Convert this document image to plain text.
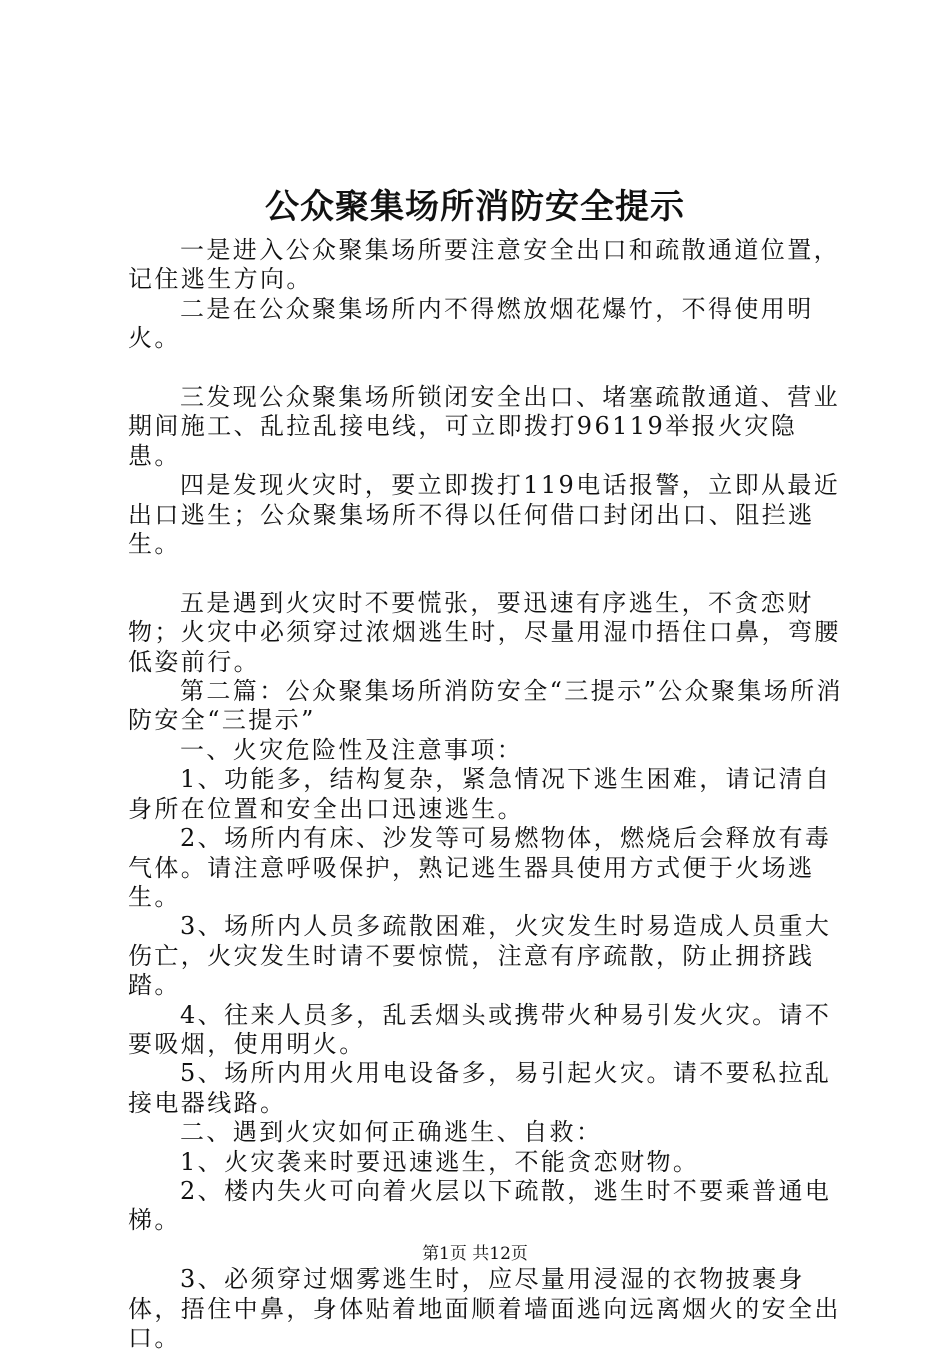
公众聚集场所消防安全提示

一是进入公众聚集场所要注意安全出口和疏散通道位置，记住逃生方向。

二是在公众聚集场所内不得燃放烟花爆竹，不得使用明火。

三发现公众聚集场所锁闭安全出口、堵塞疏散通道、营业期间施工、乱拉乱接电线，可立即拨打96119举报火灾隐患。

四是发现火灾时，要立即拨打119电话报警，立即从最近出口逃生；公众聚集场所不得以任何借口封闭出口、阻拦逃生。

五是遇到火灾时不要慌张，要迅速有序逃生，不贪恋财物；火灾中必须穿过浓烟逃生时，尽量用湿巾捂住口鼻，弯腰低姿前行。

第二篇：公众聚集场所消防安全“三提示”公众聚集场所消防安全“三提示”

一、火灾危险性及注意事项：

1、功能多，结构复杂，紧急情况下逃生困难，请记清自身所在位置和安全出口迅速逃生。

2、场所内有床、沙发等可易燃物体，燃烧后会释放有毒气体。请注意呼吸保护，熟记逃生器具使用方式便于火场逃生。

3、场所内人员多疏散困难，火灾发生时易造成人员重大伤亡，火灾发生时请不要惊慌，注意有序疏散，防止拥挤践踏。

4、往来人员多，乱丢烟头或携带火种易引发火灾。请不要吸烟，使用明火。

5、场所内用火用电设备多，易引起火灾。请不要私拉乱接电器线路。

二、遇到火灾如何正确逃生、自救：

1、火灾袭来时要迅速逃生，不能贪恋财物。

2、楼内失火可向着火层以下疏散，逃生时不要乘普通电梯。

3、必须穿过烟雾逃生时，应尽量用浸湿的衣物披裹身体，捂住中鼻，身体贴着地面顺着墙面逃向远离烟火的安全出口。

第1页 共12页
